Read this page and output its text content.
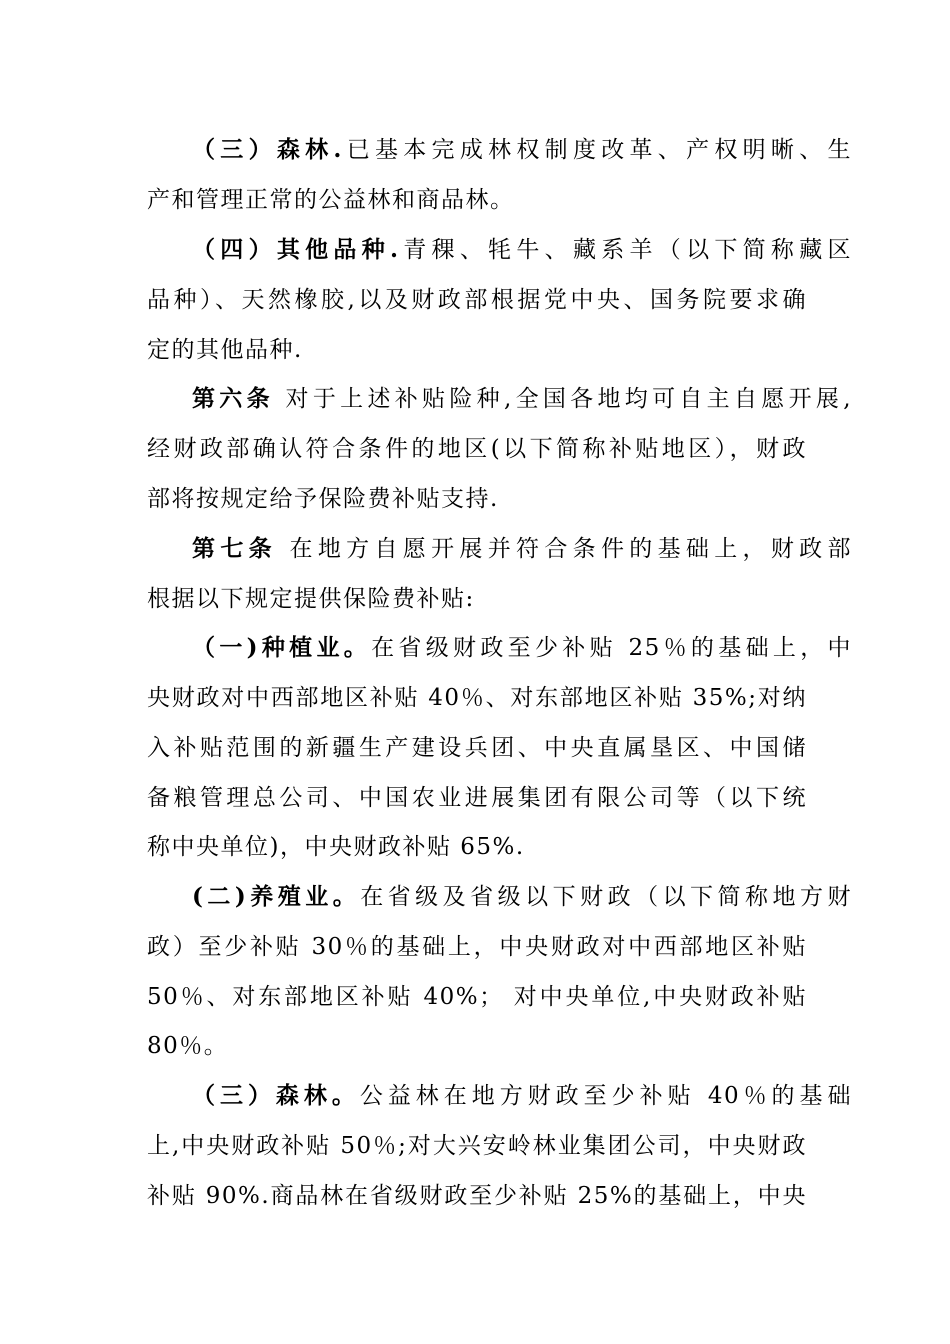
（三）森林.已基本完成林权制度改革、产权明晰、生
产和管理正常的公益林和商品林。
（四）其他品种.青稞、牦牛、藏系羊（以下简称藏区
品种）、天然橡胶,以及财政部根据党中央、国务院要求确
定的其他品种.
第六条 对于上述补贴险种,全国各地均可自主自愿开展,
经财政部确认符合条件的地区(以下简称补贴地区），财政
部将按规定给予保险费补贴支持.
第七条 在地方自愿开展并符合条件的基础上，财政部
根据以下规定提供保险费补贴:
（一)种植业。在省级财政至少补贴 25％的基础上，中
央财政对中西部地区补贴 40％、对东部地区补贴 35%;对纳
入补贴范围的新疆生产建设兵团、中央直属垦区、中国储
备粮管理总公司、中国农业进展集团有限公司等（以下统
称中央单位)，中央财政补贴 65%.
(二)养殖业。在省级及省级以下财政（以下简称地方财
政）至少补贴 30％的基础上，中央财政对中西部地区补贴
50％、对东部地区补贴 40%； 对中央单位,中央财政补贴
80％。
（三）森林。公益林在地方财政至少补贴 40％的基础
上,中央财政补贴 50％;对大兴安岭林业集团公司，中央财政
补贴 90%.商品林在省级财政至少补贴 25%的基础上，中央
